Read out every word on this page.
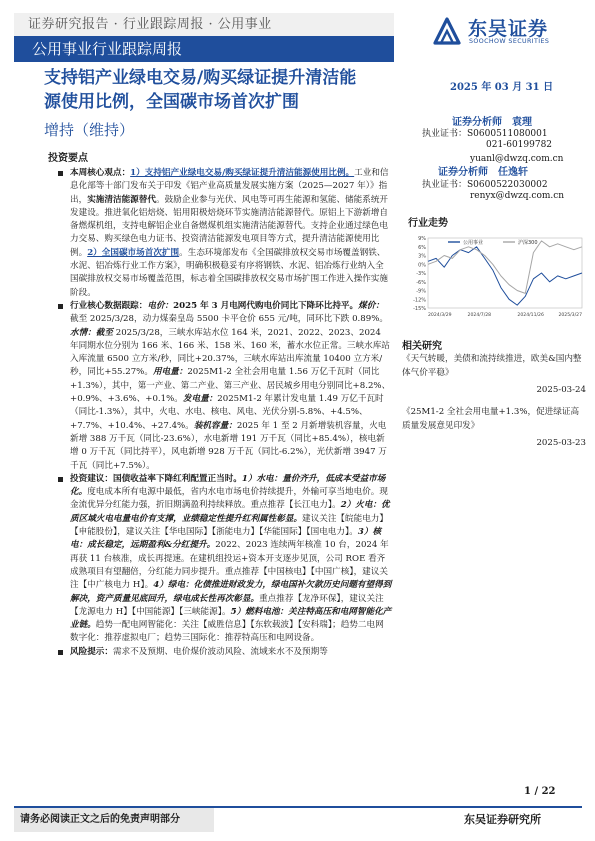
证券研究报告 · 行业跟踪周报 · 公用事业	东吴证券
SOOCHOW SECURITIES
公用事业行业跟踪周报
支持铝产业绿电交易/购买绿证提升清洁能
源使用比例，全国碳市场首次扩围
增持（维持）
投资要点

本周核心观点：1）支持铝产业绿电交易/购买绿证提升清洁能源使用比例。工业和信息化部等十部门发布关于印发《铝产业高质量发展实施方案（2025—2027 年）》指出，实施清洁能源替代。鼓励企业参与光伏、风电等可再生能源和氢能、储能系统开发建设。推进氧化铝焙烧、铝用阳极焙烧环节实施清洁能源替代。原铝上下游新增自备燃煤机组，支持电解铝企业自备燃煤机组实施清洁能源替代。支持企业通过绿色电力交易、购买绿色电力证书、投资清洁能源发电项目等方式，提升清洁能源使用比例。2）全国碳市场首次扩围。生态环境部发布《全国碳排放权交易市场覆盖钢铁、水泥、铝冶炼行业工作方案》，明确积极稳妥有序将钢铁、水泥、铝冶炼行业纳入全国碳排放权交易市场覆盖范围，标志着全国碳排放权交易市场扩围工作进入操作实施阶段。

行业核心数据跟踪：电价：2025 年 3 月电网代购电价同比下降环比持平。煤价：截至 2025/3/28，动力煤秦皇岛 5500 卡平仓价 655 元/吨，同环比下跌 0.89%。水情：截至 2025/3/28，三峡水库站水位 164 米，2021、2022、2023、2024 年同期水位分别为 166 米、166 米、158 米、160 米，蓄水水位正常。三峡水库站入库流量 6500 立方米/秒，同比+20.37%，三峡水库站出库流量 10400 立方米/秒，同比+55.27%。用电量：2025M1-2 全社会用电量 1.56 万亿千瓦时（同比+1.3%），其中，第一产业、第二产业、第三产业、居民城乡用电分别同比+8.2%、+0.9%、+3.6%、+0.1%。发电量：2025M1-2 年累计发电量 1.49 万亿千瓦时（同比-1.3%），其中，火电、水电、核电、风电、光伏分别-5.8%、+4.5%、+7.7%、+10.4%、+27.4%。装机容量：2025 年 1 至 2 月新增装机容量，火电新增 388 万千瓦（同比-23.6%），水电新增 191 万千瓦（同比+85.4%），核电新增 0 万千瓦（同比持平），风电新增 928 万千瓦（同比-6.2%），光伏新增 3947 万千瓦（同比+7.5%）。

投资建议：国债收益率下降红利配置正当时。1）水电：量价齐升，低成本受益市场化。度电成本所有电源中最低，省内水电市场电价持续提升，外输可享当地电价。现金流优异分红能力强，折旧期满盈利持续释放。重点推荐【长江电力】。2）火电：优质区域火电电量电价有支撑，业绩稳定性提升红利属性彰显。建议关注【皖能电力】【申能股份】，建议关注【华电国际】【浙能电力】【华能国际】【国电电力】。3）核电：成长稳定，远期盈利&分红提升。2022、2023 连续两年核准 10 台，2024 年再获 11 台核准，成长再提速。在建机组投运+资本开支逐步见顶，公司 ROE 看齐成熟项目有望翻倍，分红能力同步提升。重点推荐【中国核电】【中国广核】，建议关注【中广核电力 H】。4）绿电：化债推进财政发力，绿电国补欠款历史问题有望得到解决，资产质量见底回升，绿电成长性再次彰显。重点推荐【龙净环保】，建议关注【龙源电力 H】【中国能源】【三峡能源】。5）燃料电池：关注特高压和电网智能化产业链。趋势一配电网智能化：关注【威胜信息】【东软载波】【安科瑞】；趋势二电网数字化：推荐虚拟电厂；趋势三国际化：推荐特高压和电网设备。

风险提示：需求不及预期、电价煤价波动风险、流域来水不及预期等

2025 年 03 月 31 日
证券分析师　袁理
执业证书：S0600511080001
021-60199782
yuanl@dwzq.com.cn
证券分析师　任逸轩
执业证书：S0600522030002
renyx@dwzq.com.cn
行业走势
9%
6%
3%
0%
-3%
-6%
-9%
-12%
-15%
2024/3/29	2024/7/28	2024/11/26	2025/3/27
公用事业	沪深300
相关研究
《天气转暖，美债和流持续推进，欧美&国内整体气价平稳》
2025-03-24
《25M1-2 全社会用电量+1.3%，促进绿证高质量发展意见印发》
2025-03-23
1 / 22
请务必阅读正文之后的免责声明部分	东吴证券研究所
